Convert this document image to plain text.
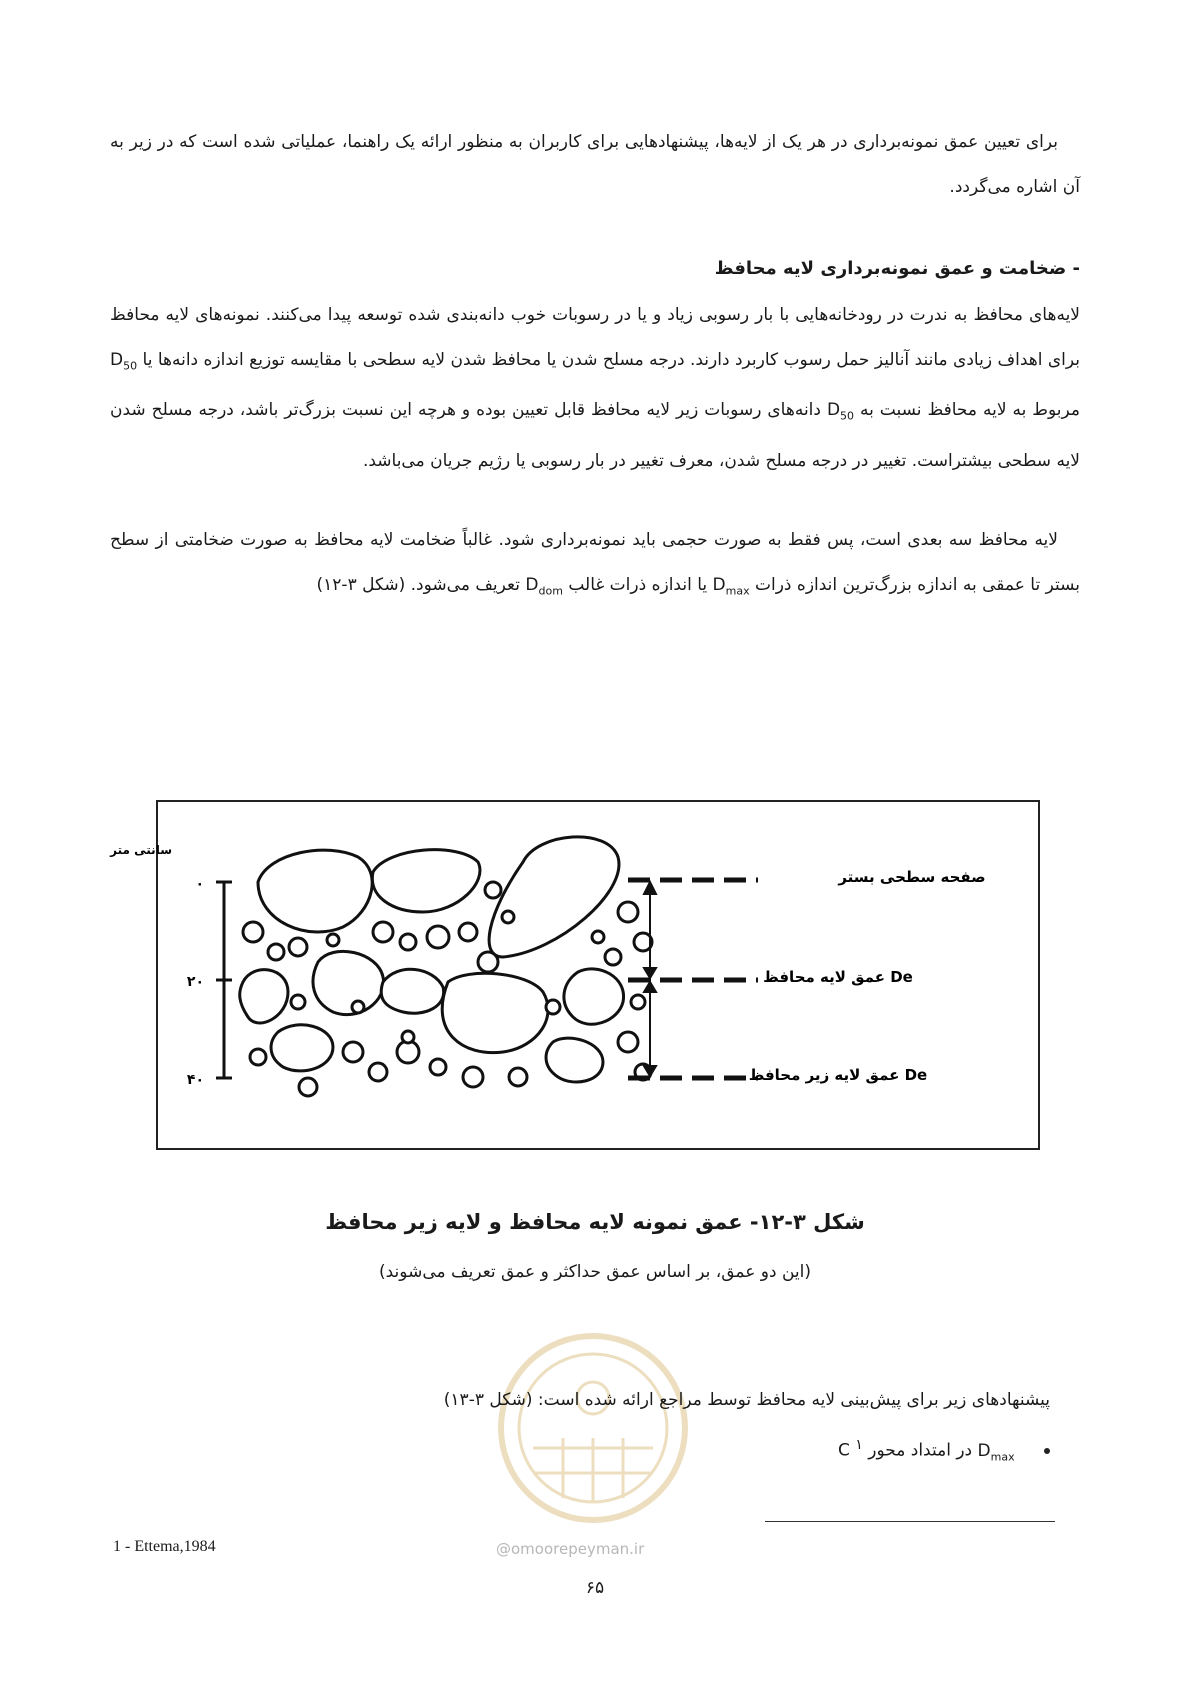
برای تعیین عمق نمونه‌برداری در هر یک از لایه‌ها، پیشنهادهایی برای کاربران به منظور ارائه یک راهنما، عملیاتی شده است که در زیر به آن اشاره می‌گردد.

- ضخامت و عمق نمونه‌برداری لایه محافظ

لایه‌های محافظ به ندرت در رودخانه‌هایی با بار رسوبی زیاد و یا در رسوبات خوب دانه‌بندی شده توسعه پیدا می‌کنند. نمونه‌های لایه محافظ برای اهداف زیادی مانند آنالیز حمل رسوب کاربرد دارند. درجه مسلح شدن یا محافظ شدن لایه سطحی با مقایسه توزیع اندازه دانه‌ها یا $D_{50}$ مربوط به لایه محافظ نسبت به $D_{50}$ دانه‌های رسوبات زیر لایه محافظ قابل تعیین بوده و هرچه این نسبت بزرگ‌تر باشد، درجه مسلح شدن لایه سطحی بیشتراست. تغییر در درجه مسلح شدن، معرف تغییر در بار رسوبی یا رژیم جریان می‌باشد.

لایه محافظ سه بعدی است، پس فقط به صورت حجمی باید نمونه‌برداری شود. غالباً ضخامت لایه محافظ به صورت ضخامتی از سطح بستر تا عمقی به اندازه بزرگ‌ترین اندازه ذرات $D_{max}$ یا اندازه ذرات غالب $D_{dom}$ تعریف می‌شود. (شکل ۳-۱۲)

سانتی متر
۰
۲۰
۴۰
صفحه سطحی بستر
De عمق لایه محافظ
De عمق لایه زیر محافظ

شکل ۳-۱۲- عمق نمونه لایه محافظ و لایه زیر محافظ

(این دو عمق، بر اساس عمق حداکثر و عمق تعریف می‌شوند)

@omoorepeyman.ir

پیشنهادهای زیر برای پیش‌بینی لایه محافظ توسط مراجع ارائه شده است: (شکل ۳-۱۳)

$D_{max}$ در امتداد محور C $^۱$

1 - Ettema,1984

۶۵
